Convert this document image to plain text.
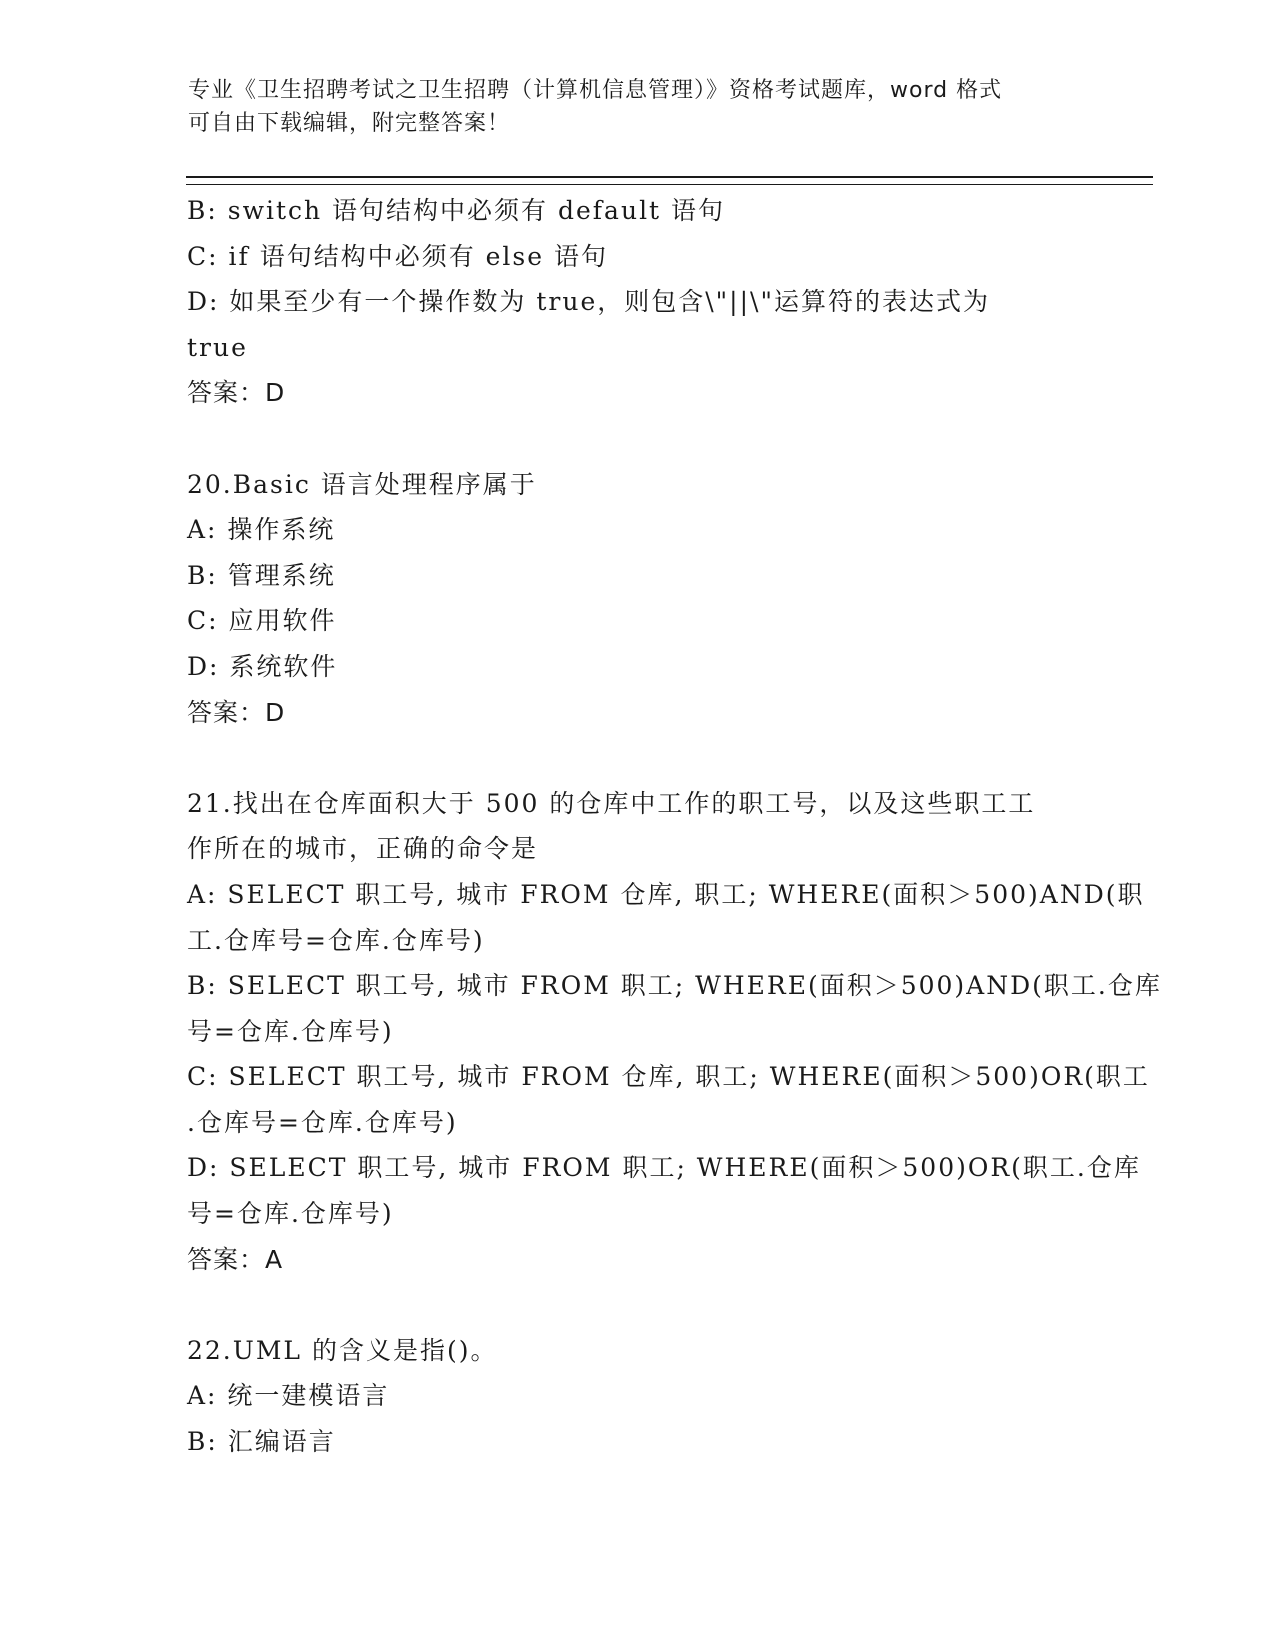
专业《卫生招聘考试之卫生招聘（计算机信息管理）》资格考试题库，word 格式
可自由下载编辑，附完整答案！
B: switch 语句结构中必须有 default 语句
C: if 语句结构中必须有 else 语句
D: 如果至少有一个操作数为 true，则包含\"||\"运算符的表达式为
true
答案：D
20.Basic 语言处理程序属于
A: 操作系统
B: 管理系统
C: 应用软件
D: 系统软件
答案：D
21.找出在仓库面积大于 500 的仓库中工作的职工号，以及这些职工工
作所在的城市，正确的命令是
A: SELECT 职工号, 城市 FROM 仓库, 职工; WHERE(面积＞500)AND(职
工.仓库号=仓库.仓库号)
B: SELECT 职工号, 城市 FROM 职工; WHERE(面积＞500)AND(职工.仓库
号=仓库.仓库号)
C: SELECT 职工号, 城市 FROM 仓库, 职工; WHERE(面积＞500)OR(职工
.仓库号=仓库.仓库号)
D: SELECT 职工号, 城市 FROM 职工; WHERE(面积＞500)OR(职工.仓库
号=仓库.仓库号)
答案：A
22.UML 的含义是指()。
A: 统一建模语言
B: 汇编语言
